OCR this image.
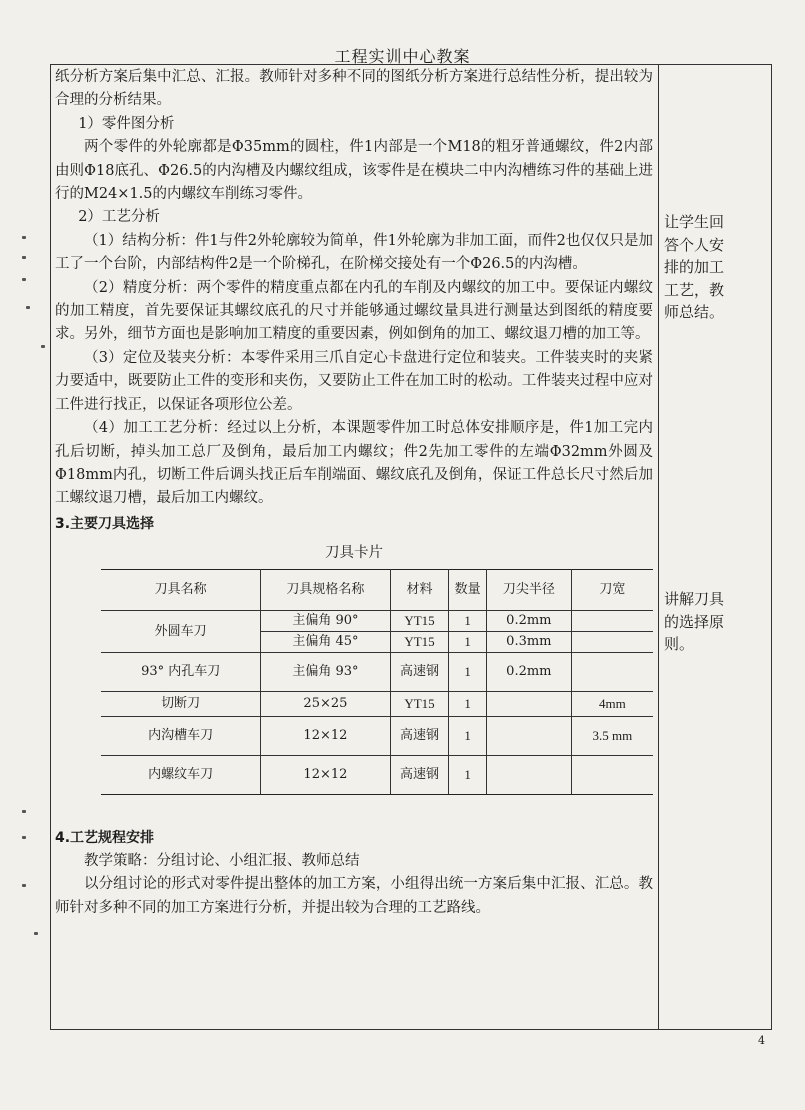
工程实训中心教案

纸分析方案后集中汇总、汇报。教师针对多种不同的图纸分析方案进行总结性分析，提出较为合理的分析结果。

1）零件图分析

两个零件的外轮廓都是Φ35mm的圆柱，件1内部是一个M18的粗牙普通螺纹，件2内部由则Φ18底孔、Φ26.5的内沟槽及内螺纹组成，该零件是在模块二中内沟槽练习件的基础上进行的M24×1.5的内螺纹车削练习零件。

2）工艺分析

（1）结构分析：件1与件2外轮廓较为简单，件1外轮廓为非加工面，而件2也仅仅只是加工了一个台阶，内部结构件2是一个阶梯孔，在阶梯交接处有一个Φ26.5的内沟槽。

（2）精度分析：两个零件的精度重点都在内孔的车削及内螺纹的加工中。要保证内螺纹的加工精度，首先要保证其螺纹底孔的尺寸并能够通过螺纹量具进行测量达到图纸的精度要求。另外，细节方面也是影响加工精度的重要因素，例如倒角的加工、螺纹退刀槽的加工等。

（3）定位及装夹分析：本零件采用三爪自定心卡盘进行定位和装夹。工件装夹时的夹紧力要适中，既要防止工件的变形和夹伤，又要防止工件在加工时的松动。工件装夹过程中应对工件进行找正，以保证各项形位公差。

（4）加工工艺分析：经过以上分析，本课题零件加工时总体安排顺序是，件1加工完内孔后切断，掉头加工总厂及倒角，最后加工内螺纹；件2先加工零件的左端Φ32mm外圆及Φ18mm内孔，切断工件后调头找正后车削端面、螺纹底孔及倒角，保证工件总长尺寸然后加工螺纹退刀槽，最后加工内螺纹。

3.主要刀具选择

刀具卡片
刀具名称	刀具规格名称	材料	数量	刀尖半径	刀宽
外圆车刀	主偏角 90°	YT15	1	0.2mm	
	主偏角 45°	YT15	1	0.3mm	
93° 内孔车刀	主偏角 93°	高速钢	1	0.2mm	
切断刀	25×25	YT15	1		4mm
内沟槽车刀	12×12	高速钢	1		3.5 mm
内螺纹车刀	12×12	高速钢	1		

4.工艺规程安排

教学策略：分组讨论、小组汇报、教师总结

以分组讨论的形式对零件提出整体的加工方案，小组得出统一方案后集中汇报、汇总。教师针对多种不同的加工方案进行分析，并提出较为合理的工艺路线。

让学生回答个人安排的加工工艺，教师总结。
讲解刀具的选择原则。
4
